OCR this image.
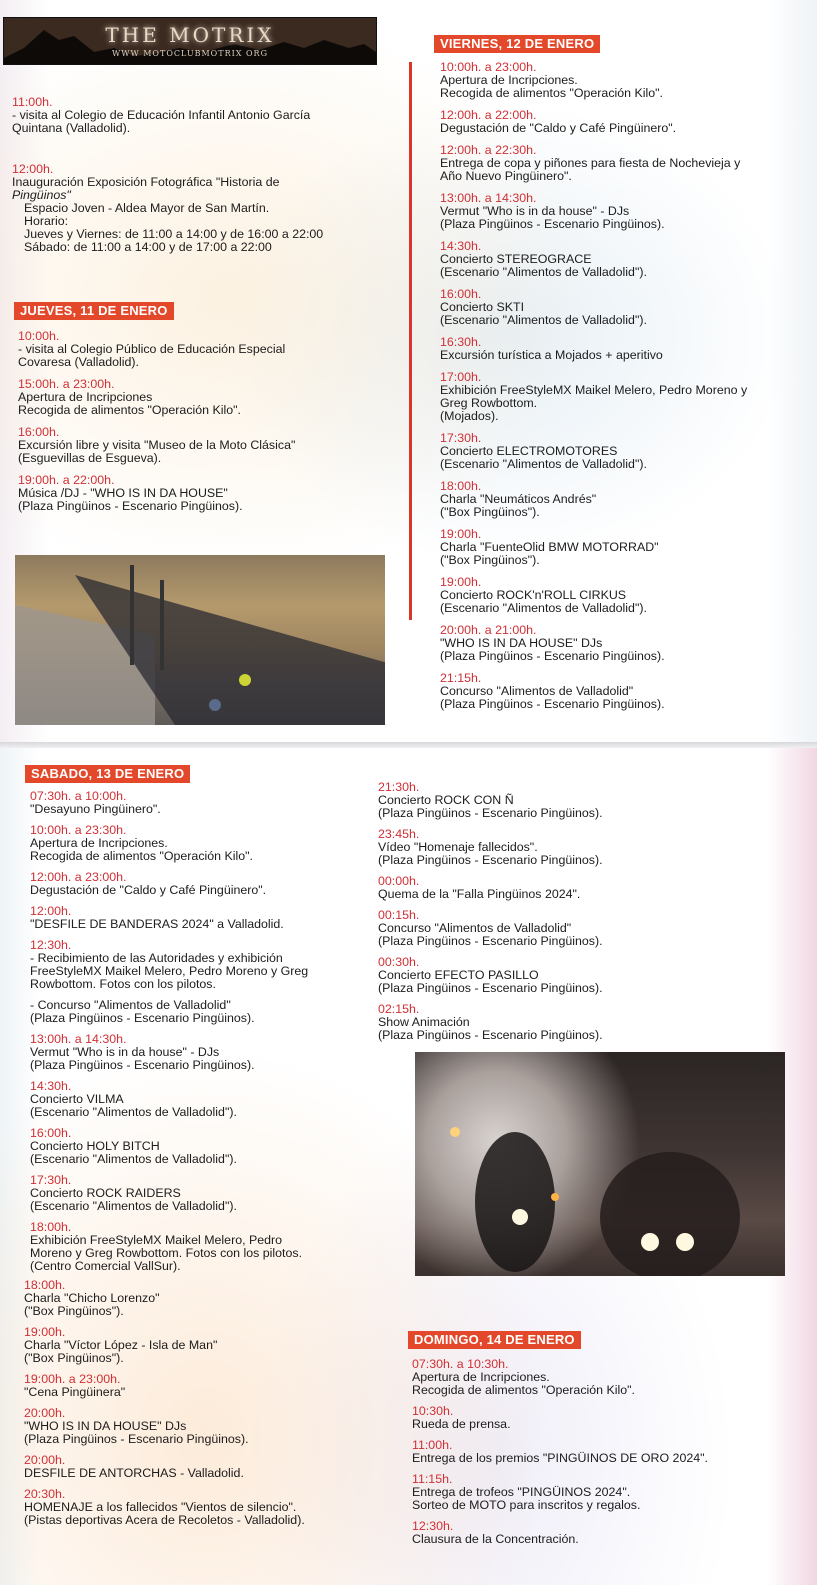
THE MOTRIX
WWW MOTOCLUBMOTRIX ORG
11:00h.
- visita al Colegio de Educación Infantil Antonio García
Quintana (Valladolid).
12:00h.
Inauguración Exposición Fotográfica "Historia de
Pingüinos"
Espacio Joven - Aldea Mayor de San Martín.
Horario:
Jueves y Viernes: de 11:00 a 14:00 y de 16:00 a 22:00
Sábado: de 11:00 a 14:00 y de 17:00 a 22:00
JUEVES, 11 DE ENERO
10:00h.
- visita al Colegio Público de Educación Especial
Covaresa (Valladolid).
15:00h. a 23:00h.
Apertura de Incripciones
Recogida de alimentos "Operación Kilo".
16:00h.
Excursión libre y visita "Museo de la Moto Clásica"
(Esguevillas de Esgueva).
19:00h. a 22:00h.
Música /DJ - "WHO IS IN DA HOUSE"
(Plaza Pingüinos - Escenario Pingüinos).
VIERNES, 12 DE ENERO
10:00h. a 23:00h.
Apertura de Incripciones.
Recogida de alimentos "Operación Kilo".
12:00h. a 22:00h.
Degustación de "Caldo y Café Pingüinero".
12:00h. a 22:30h.
Entrega de copa y piñones para fiesta de Nochevieja y
Año Nuevo Pingüinero".
13:00h. a 14:30h.
Vermut "Who is in da house" - DJs
(Plaza Pingüinos - Escenario Pingüinos).
14:30h.
Concierto STEREOGRACE
(Escenario "Alimentos de Valladolid").
16:00h.
Concierto SKTI
(Escenario "Alimentos de Valladolid").
16:30h.
Excursión turística a Mojados + aperitivo
17:00h.
Exhibición FreeStyleMX Maikel Melero, Pedro Moreno y
Greg Rowbottom.
(Mojados).
17:30h.
Concierto ELECTROMOTORES
(Escenario "Alimentos de Valladolid").
18:00h.
Charla "Neumáticos Andrés"
("Box Pingüinos").
19:00h.
Charla "FuenteOlid BMW MOTORRAD"
("Box Pingüinos").
19:00h.
Concierto ROCK'n'ROLL CIRKUS
(Escenario "Alimentos de Valladolid").
20:00h. a 21:00h.
"WHO IS IN DA HOUSE" DJs
(Plaza Pingüinos - Escenario Pingüinos).
21:15h.
Concurso "Alimentos de Valladolid"
(Plaza Pingüinos - Escenario Pingüinos).
SABADO, 13 DE ENERO
07:30h. a 10:00h.
"Desayuno Pingüinero".
10:00h. a 23:30h.
Apertura de Incripciones.
Recogida de alimentos "Operación Kilo".
12:00h. a 23:00h.
Degustación de "Caldo y Café Pingüinero".
12:00h.
"DESFILE DE BANDERAS 2024" a Valladolid.
12:30h.
- Recibimiento de las Autoridades y exhibición
FreeStyleMX Maikel Melero, Pedro Moreno y Greg
Rowbottom. Fotos con los pilotos.
- Concurso "Alimentos de Valladolid"
(Plaza Pingüinos - Escenario Pingüinos).
13:00h. a 14:30h.
Vermut "Who is in da house" - DJs
(Plaza Pingüinos - Escenario Pingüinos).
14:30h.
Concierto VILMA
(Escenario "Alimentos de Valladolid").
16:00h.
Concierto HOLY BITCH
(Escenario "Alimentos de Valladolid").
17:30h.
Concierto ROCK RAIDERS
(Escenario "Alimentos de Valladolid").
18:00h.
Exhibición FreeStyleMX Maikel Melero, Pedro
Moreno y Greg Rowbottom. Fotos con los pilotos.
(Centro Comercial VallSur).
18:00h.
Charla "Chicho Lorenzo"
("Box Pingüinos").
19:00h.
Charla "Víctor López - Isla de Man"
("Box Pingüinos").
19:00h. a 23:00h.
"Cena Pingüinera"
20:00h.
"WHO IS IN DA HOUSE" DJs
(Plaza Pingüinos - Escenario Pingüinos).
20:00h.
DESFILE DE ANTORCHAS - Valladolid.
20:30h.
HOMENAJE a los fallecidos "Vientos de silencio".
(Pistas deportivas Acera de Recoletos - Valladolid).
21:30h.
Concierto ROCK CON Ñ
(Plaza Pingüinos - Escenario Pingüinos).
23:45h.
Vídeo "Homenaje fallecidos".
(Plaza Pingüinos - Escenario Pingüinos).
00:00h.
Quema de la "Falla Pingüinos 2024".
00:15h.
Concurso "Alimentos de Valladolid"
(Plaza Pingüinos - Escenario Pingüinos).
00:30h.
Concierto EFECTO PASILLO
(Plaza Pingüinos - Escenario Pingüinos).
02:15h.
Show Animación
(Plaza Pingüinos - Escenario Pingüinos).
DOMINGO, 14 DE ENERO
07:30h. a 10:30h.
Apertura de Incripciones.
Recogida de alimentos "Operación Kilo".
10:30h.
Rueda de prensa.
11:00h.
Entrega de los premios "PINGÜINOS DE ORO 2024".
11:15h.
Entrega de trofeos "PINGÜINOS 2024".
Sorteo de MOTO para inscritos y regalos.
12:30h.
Clausura de la Concentración.
